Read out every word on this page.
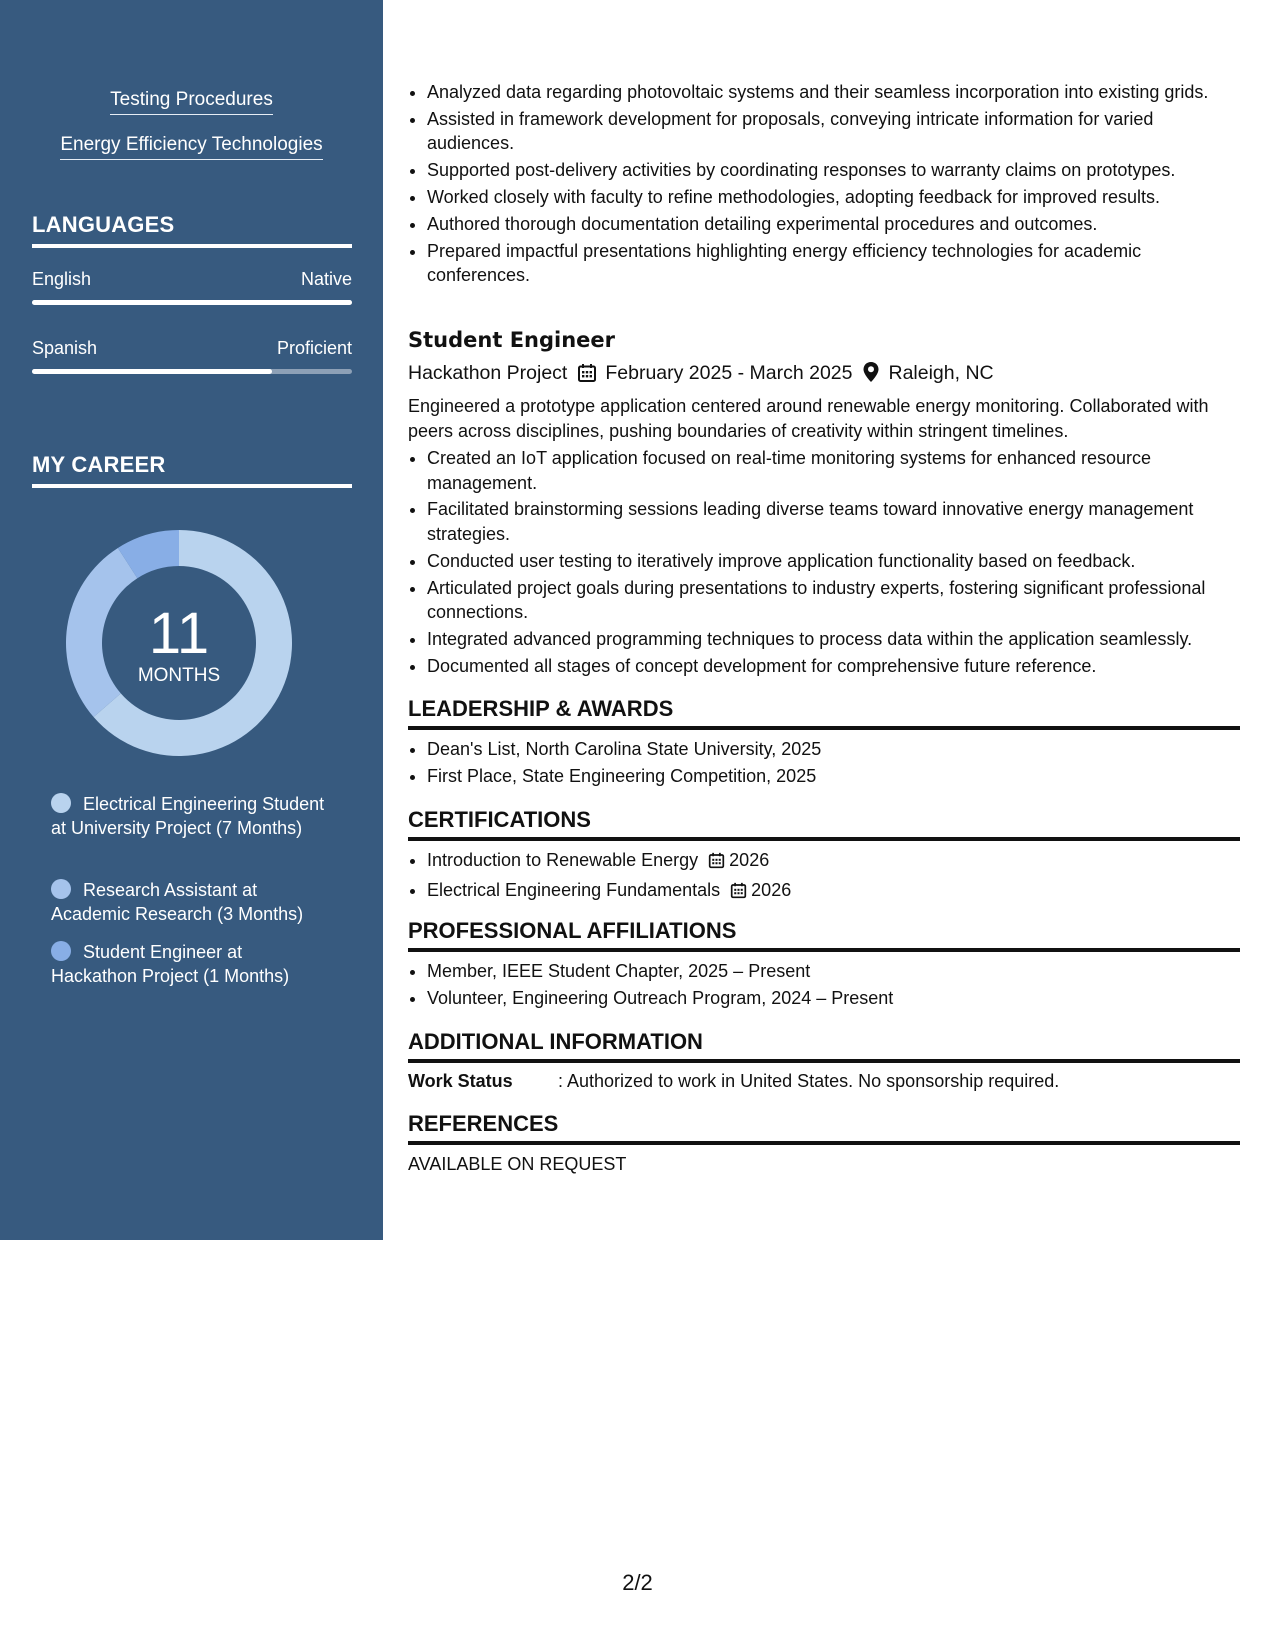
Testing Procedures
Energy Efficiency Technologies
LANGUAGES
English	Native
Spanish	Proficient
MY CAREER
11
MONTHS
Electrical Engineering Student at University Project (7 Months)
Research Assistant at Academic Research (3 Months)
Student Engineer at Hackathon Project (1 Months)
• Analyzed data regarding photovoltaic systems and their seamless incorporation into existing grids.
• Assisted in framework development for proposals, conveying intricate information for varied audiences.
• Supported post-delivery activities by coordinating responses to warranty claims on prototypes.
• Worked closely with faculty to refine methodologies, adopting feedback for improved results.
• Authored thorough documentation detailing experimental procedures and outcomes.
• Prepared impactful presentations highlighting energy efficiency technologies for academic conferences.
Student Engineer
Hackathon Project February 2025 - March 2025 Raleigh, NC
Engineered a prototype application centered around renewable energy monitoring. Collaborated with peers across disciplines, pushing boundaries of creativity within stringent timelines.
• Created an IoT application focused on real-time monitoring systems for enhanced resource management.
• Facilitated brainstorming sessions leading diverse teams toward innovative energy management strategies.
• Conducted user testing to iteratively improve application functionality based on feedback.
• Articulated project goals during presentations to industry experts, fostering significant professional connections.
• Integrated advanced programming techniques to process data within the application seamlessly.
• Documented all stages of concept development for comprehensive future reference.
LEADERSHIP & AWARDS
• Dean's List, North Carolina State University, 2025
• First Place, State Engineering Competition, 2025
CERTIFICATIONS
• Introduction to Renewable Energy 2026
• Electrical Engineering Fundamentals 2026
PROFESSIONAL AFFILIATIONS
• Member, IEEE Student Chapter, 2025 – Present
• Volunteer, Engineering Outreach Program, 2024 – Present
ADDITIONAL INFORMATION
Work Status	: Authorized to work in United States. No sponsorship required.
REFERENCES
AVAILABLE ON REQUEST
2/2
